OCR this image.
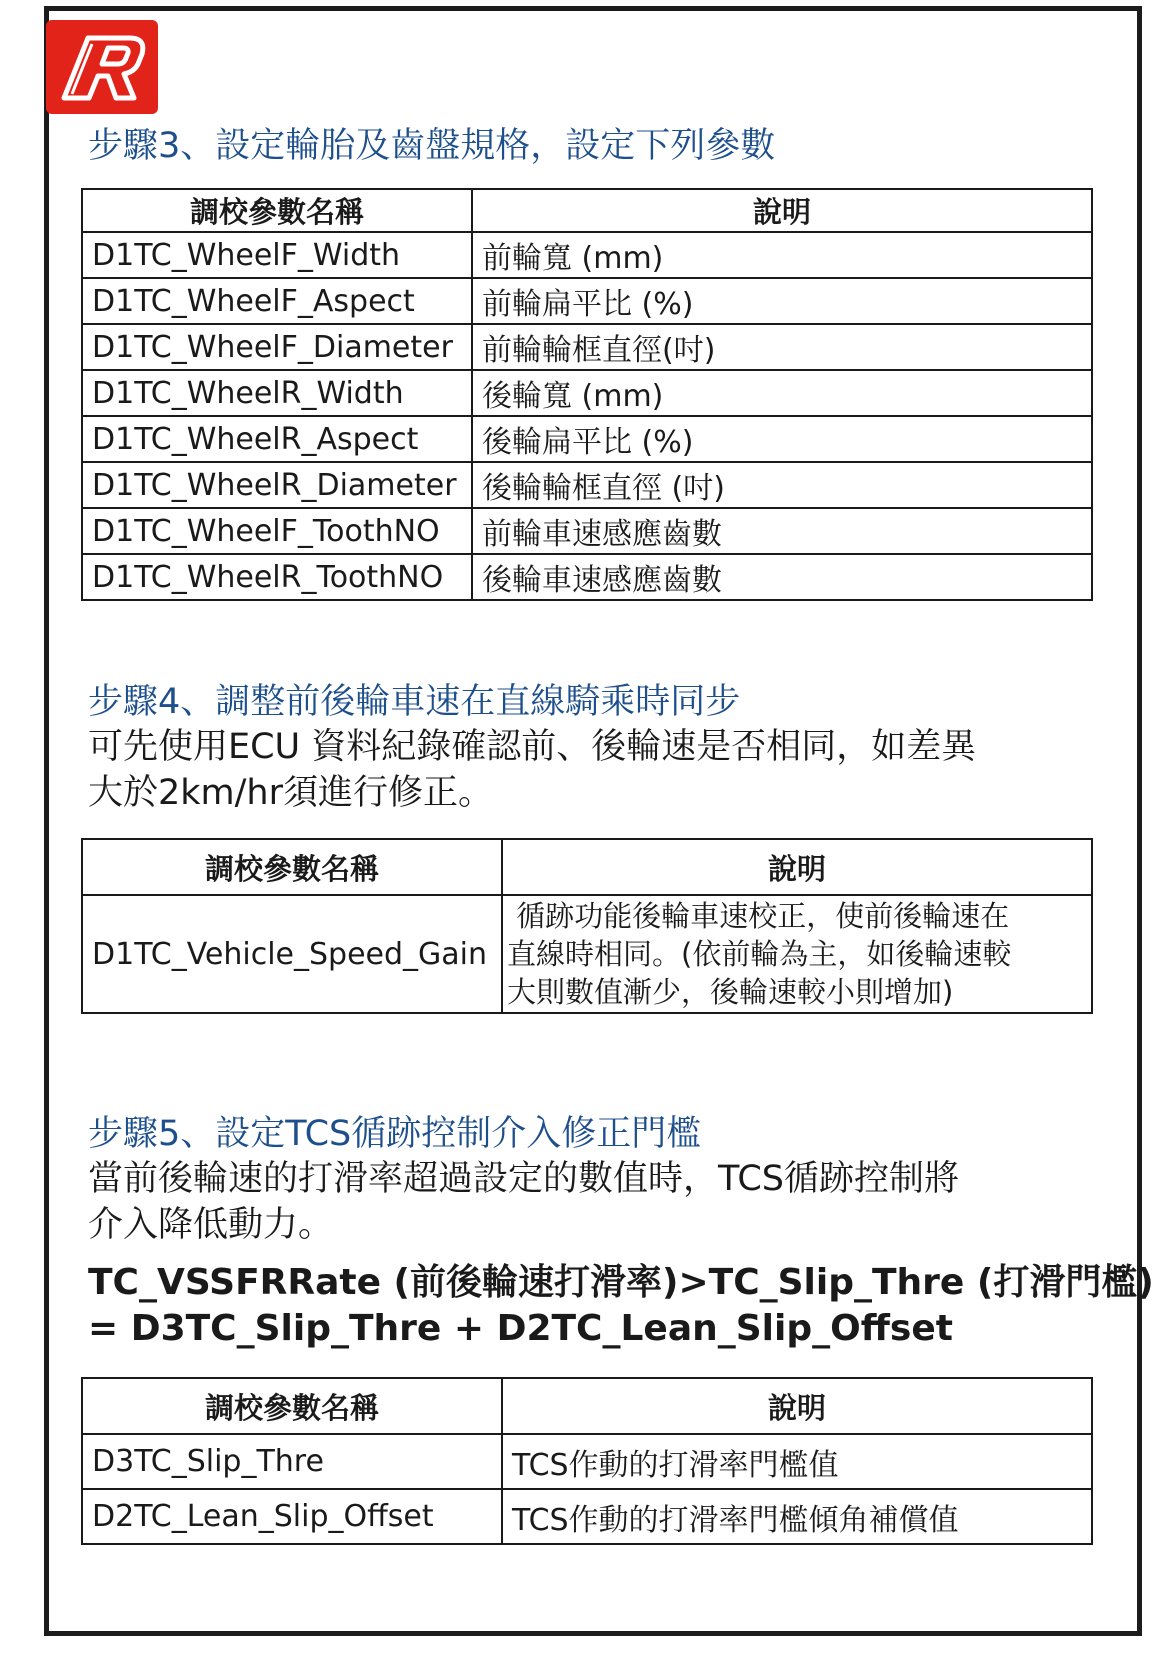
步驟3、設定輪胎及齒盤規格，設定下列參數
調校參數名稱	說明
D1TC_WheelF_Width	前輪寬 (mm)
D1TC_WheelF_Aspect	前輪扁平比 (%)
D1TC_WheelF_Diameter	前輪輪框直徑(吋)
D1TC_WheelR_Width	後輪寬 (mm)
D1TC_WheelR_Aspect	後輪扁平比 (%)
D1TC_WheelR_Diameter	後輪輪框直徑 (吋)
D1TC_WheelF_ToothNO	前輪車速感應齒數
D1TC_WheelR_ToothNO	後輪車速感應齒數
步驟4、調整前後輪車速在直線騎乘時同步

可先使用ECU 資料紀錄確認前、後輪速是否相同，如差異
大於2km/hr須進行修正。

調校參數名稱	說明
D1TC_Vehicle_Speed_Gain	循跡功能後輪車速校正，使前後輪速在
直線時相同。(依前輪為主，如後輪速較
大則數值漸少，後輪速較小則增加)
步驟5、設定TCS循跡控制介入修正門檻

當前後輪速的打滑率超過設定的數值時，TCS循跡控制將
介入降低動力。

TC_VSSFRRate (前後輪速打滑率)>TC_Slip_Thre (打滑門檻)
= D3TC_Slip_Thre + D2TC_Lean_Slip_Offset

調校參數名稱	說明
D3TC_Slip_Thre	TCS作動的打滑率門檻值
D2TC_Lean_Slip_Offset	TCS作動的打滑率門檻傾角補償值
